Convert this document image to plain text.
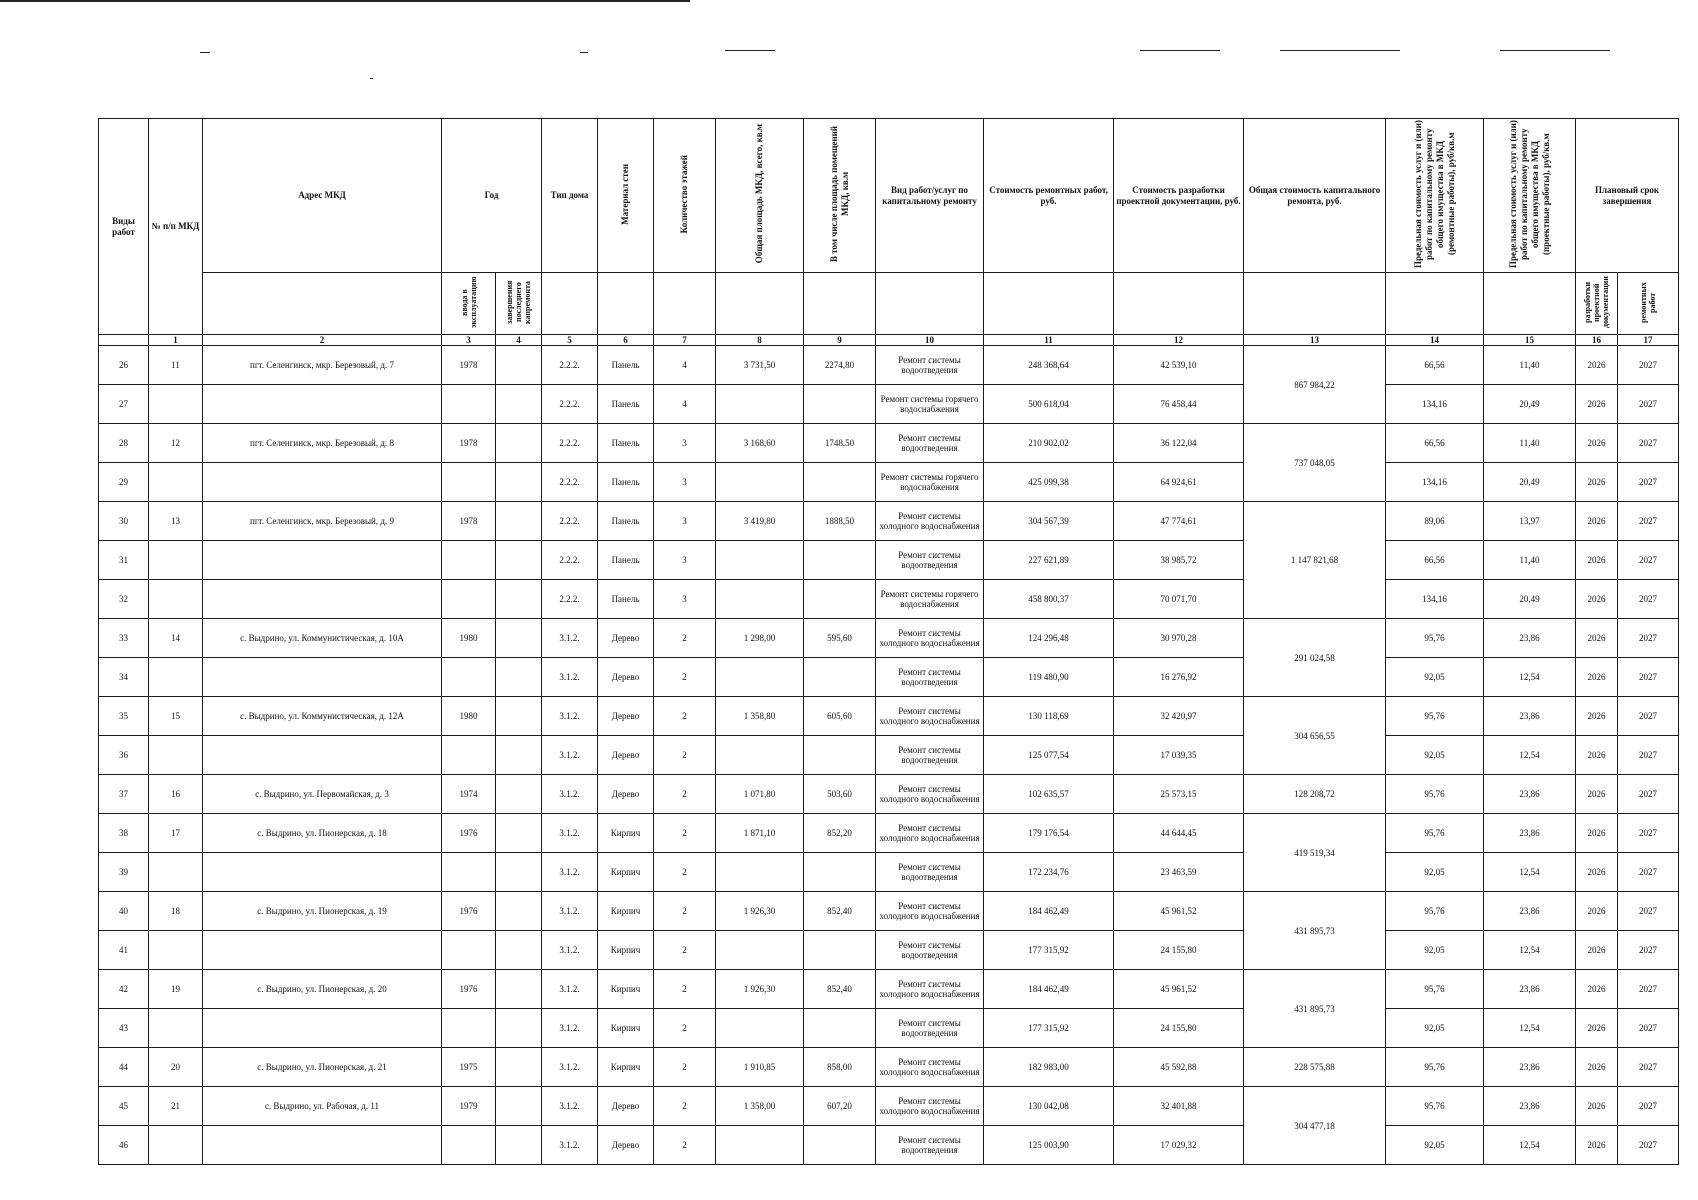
Виды работ	№ п/п МКД	Адрес МКД	Год		Тип дома	Материал стен	Количество этажей	Общая площадь МКД, всего, кв.м	В том числе площадь помещений МКД, кв.м	Вид работ/услуг по капитальному ремонту	Стоимость ремонтных работ, руб.	Стоимость разработки проектной документации, руб.	Общая стоимость капитального ремонта, руб.	Предельная стоимость услуг и (или) работ по капитальному ремонту общего имущества в МКД (ремонтные работы), руб/кв.м	Предельная стоимость услуг и (или) работ по капитальному ремонту общего имущества в МКД (проектные работы), руб/кв.м	Плановый срок завершения	
			ввода в эксплуатацию	завершения последнего капремонта												разработки проектной документации	ремонтных работ
	1	2	3	4	5	6	7	8	9	10	11	12	13	14	15	16	17
26	11	пгт. Селенгинск, мкр. Березовый, д. 7	1978		2.2.2.	Панель	4	3 731,50	2274,80	Ремонт системы водоотведения	248 368,64	42 539,10	867 984,22	66,56	11,40	2026	2027
27					2.2.2.	Панель	4			Ремонт системы горячего водоснабжения	500 618,04	76 458,44		134,16	20,49	2026	2027
28	12	пгт. Селенгинск, мкр. Березовый, д. 8	1978		2.2.2.	Панель	3	3 168,60	1748,50	Ремонт системы водоотведения	210 902,02	36 122,04	737 048,05	66,56	11,40	2026	2027
29					2.2.2.	Панель	3			Ремонт системы горячего водоснабжения	425 099,38	64 924,61		134,16	20,49	2026	2027
30	13	пгт. Селенгинск, мкр. Березовый, д. 9	1978		2.2.2.	Панель	3	3 419,80	1888,50	Ремонт системы холодного водоснабжения	304 567,39	47 774,61	1 147 821,68	89,06	13,97	2026	2027
31					2.2.2.	Панель	3			Ремонт системы водоотведения	227 621,89	38 985,72		66,56	11,40	2026	2027
32					2.2.2.	Панель	3			Ремонт системы горячего водоснабжения	458 800,37	70 071,70		134,16	20,49	2026	2027
33	14	с. Выдрино, ул. Коммунистическая, д. 10А	1980		3.1.2.	Дерево	2	1 298,00	595,60	Ремонт системы холодного водоснабжения	124 296,48	30 970,28	291 024,58	95,76	23,86	2026	2027
34					3.1.2.	Дерево	2			Ремонт системы водоотведения	119 480,90	16 276,92		92,05	12,54	2026	2027
35	15	с. Выдрино, ул. Коммунистическая, д. 12А	1980		3.1.2.	Дерево	2	1 358,80	605,60	Ремонт системы холодного водоснабжения	130 118,69	32 420,97	304 656,55	95,76	23,86	2026	2027
36					3.1.2.	Дерево	2			Ремонт системы водоотведения	125 077,54	17 039,35		92,05	12,54	2026	2027
37	16	с. Выдрино, ул. Первомайская, д. 3	1974		3.1.2.	Дерево	2	1 071,80	503,60	Ремонт системы холодного водоснабжения	102 635,57	25 573,15	128 208,72	95,76	23,86	2026	2027
38	17	с. Выдрино, ул. Пионерская, д. 18	1976		3.1.2.	Кирпич	2	1 871,10	852,20	Ремонт системы холодного водоснабжения	179 176,54	44 644,45	419 519,34	95,76	23,86	2026	2027
39					3.1.2.	Кирпич	2			Ремонт системы водоотведения	172 234,76	23 463,59		92,05	12,54	2026	2027
40	18	с. Выдрино, ул. Пионерская, д. 19	1976		3.1.2.	Кирпич	2	1 926,30	852,40	Ремонт системы холодного водоснабжения	184 462,49	45 961,52	431 895,73	95,76	23,86	2026	2027
41					3.1.2.	Кирпич	2			Ремонт системы водоотведения	177 315,92	24 155,80		92,05	12,54	2026	2027
42	19	с. Выдрино, ул. Пионерская, д. 20	1976		3.1.2.	Кирпич	2	1 926,30	852,40	Ремонт системы холодного водоснабжения	184 462,49	45 961,52	431 895,73	95,76	23,86	2026	2027
43					3.1.2.	Кирпич	2			Ремонт системы водоотведения	177 315,92	24 155,80		92,05	12,54	2026	2027
44	20	с. Выдрино, ул. Пионерская, д. 21	1975		3.1.2.	Кирпич	2	1 910,85	858,00	Ремонт системы холодного водоснабжения	182 983,00	45 592,88	228 575,88	95,76	23,86	2026	2027
45	21	с. Выдрино, ул. Рабочая, д. 11	1979		3.1.2.	Дерево	2	1 358,00	607,20	Ремонт системы холодного водоснабжения	130 042,08	32 401,88	304 477,18	95,76	23,86	2026	2027
46					3.1.2.	Дерево	2			Ремонт системы водоотведения	125 003,90	17 029,32		92,05	12,54	2026	2027
